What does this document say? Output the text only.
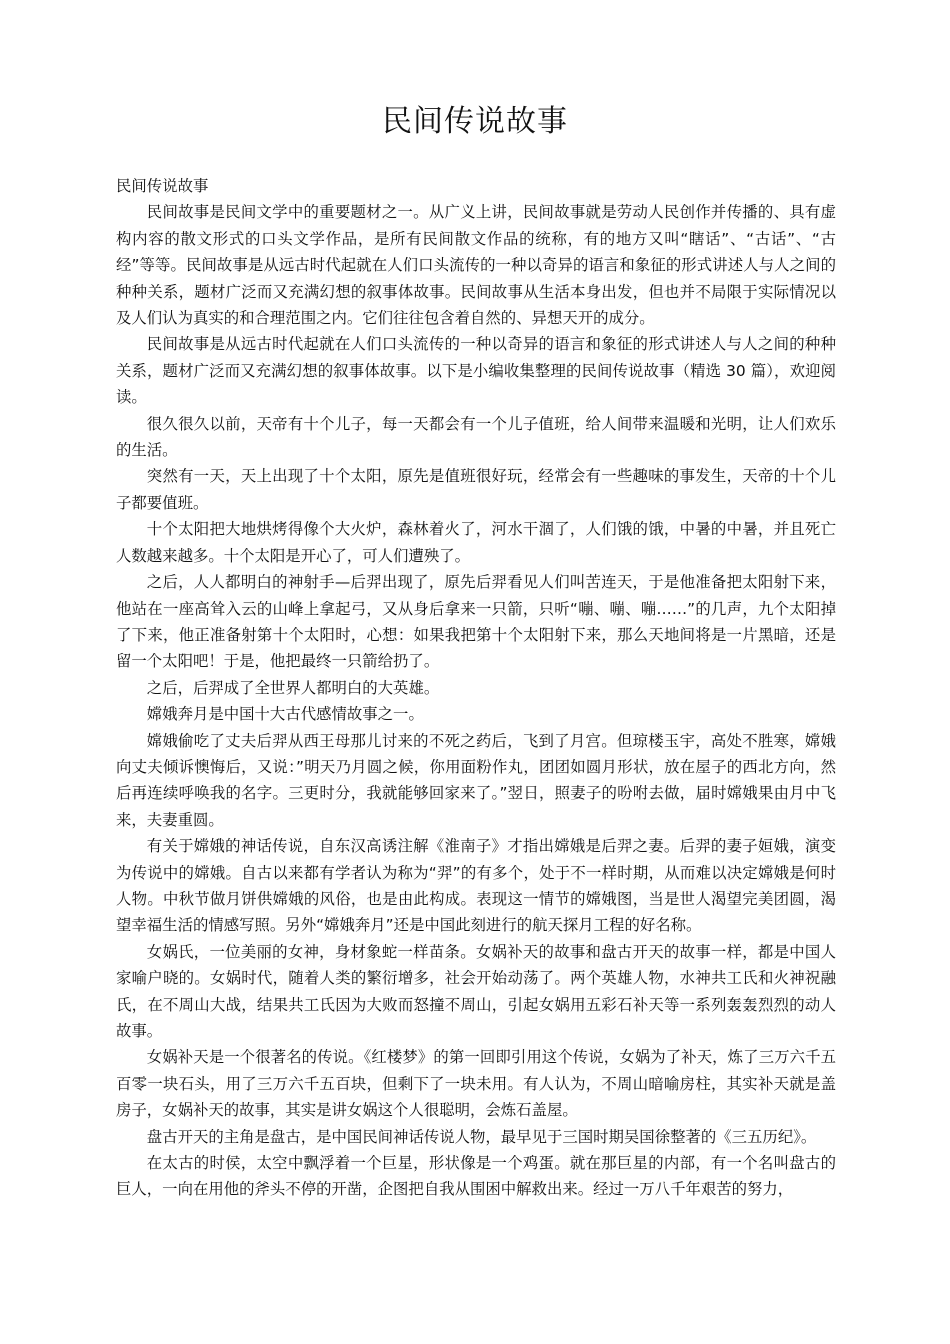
民间传说故事

民间传说故事

民间故事是民间文学中的重要题材之一。从广义上讲，民间故事就是劳动人民创作并传播的、具有虚构内容的散文形式的口头文学作品，是所有民间散文作品的统称，有的地方又叫“瞎话”、“古话”、“古经”等等。民间故事是从远古时代起就在人们口头流传的一种以奇异的语言和象征的形式讲述人与人之间的种种关系，题材广泛而又充满幻想的叙事体故事。民间故事从生活本身出发，但也并不局限于实际情况以及人们认为真实的和合理范围之内。它们往往包含着自然的、异想天开的成分。

民间故事是从远古时代起就在人们口头流传的一种以奇异的语言和象征的形式讲述人与人之间的种种关系，题材广泛而又充满幻想的叙事体故事。以下是小编收集整理的民间传说故事（精选 30 篇），欢迎阅读。

很久很久以前，天帝有十个儿子，每一天都会有一个儿子值班，给人间带来温暖和光明，让人们欢乐的生活。

突然有一天，天上出现了十个太阳，原先是值班很好玩，经常会有一些趣味的事发生，天帝的十个儿子都要值班。

十个太阳把大地烘烤得像个大火炉，森林着火了，河水干涸了，人们饿的饿，中暑的中暑，并且死亡人数越来越多。十个太阳是开心了，可人们遭殃了。

之后，人人都明白的神射手—后羿出现了，原先后羿看见人们叫苦连天，于是他准备把太阳射下来，他站在一座高耸入云的山峰上拿起弓，又从身后拿来一只箭，只听“嘣、嘣、嘣……”的几声，九个太阳掉了下来，他正准备射第十个太阳时，心想：如果我把第十个太阳射下来，那么天地间将是一片黑暗，还是留一个太阳吧！于是，他把最终一只箭给扔了。

之后，后羿成了全世界人都明白的大英雄。

嫦娥奔月是中国十大古代感情故事之一。

嫦娥偷吃了丈夫后羿从西王母那儿讨来的不死之药后，飞到了月宫。但琼楼玉宇，高处不胜寒，嫦娥向丈夫倾诉懊悔后，又说：”明天乃月圆之候，你用面粉作丸，团团如圆月形状，放在屋子的西北方向，然后再连续呼唤我的名字。三更时分，我就能够回家来了。”翌日，照妻子的吩咐去做，届时嫦娥果由月中飞来，夫妻重圆。

有关于嫦娥的神话传说，自东汉高诱注解《淮南子》才指出嫦娥是后羿之妻。后羿的妻子姮娥，演变为传说中的嫦娥。自古以来都有学者认为称为“羿”的有多个，处于不一样时期，从而难以决定嫦娥是何时人物。中秋节做月饼供嫦娥的风俗，也是由此构成。表现这一情节的嫦娥图，当是世人渴望完美团圆，渴望幸福生活的情感写照。另外“嫦娥奔月”还是中国此刻进行的航天探月工程的好名称。

女娲氏，一位美丽的女神，身材象蛇一样苗条。女娲补天的故事和盘古开天的故事一样，都是中国人家喻户晓的。女娲时代，随着人类的繁衍增多，社会开始动荡了。两个英雄人物，水神共工氏和火神祝融氏，在不周山大战，结果共工氏因为大败而怒撞不周山，引起女娲用五彩石补天等一系列轰轰烈烈的动人故事。

女娲补天是一个很著名的传说。《红楼梦》的第一回即引用这个传说，女娲为了补天，炼了三万六千五百零一块石头，用了三万六千五百块，但剩下了一块未用。有人认为，不周山暗喻房柱，其实补天就是盖房子，女娲补天的故事，其实是讲女娲这个人很聪明，会炼石盖屋。

盘古开天的主角是盘古，是中国民间神话传说人物，最早见于三国时期吴国徐整著的《三五历纪》。

在太古的时侯，太空中飘浮着一个巨星，形状像是一个鸡蛋。就在那巨星的内部，有一个名叫盘古的巨人，一向在用他的斧头不停的开凿，企图把自我从围困中解救出来。经过一万八千年艰苦的努力，
